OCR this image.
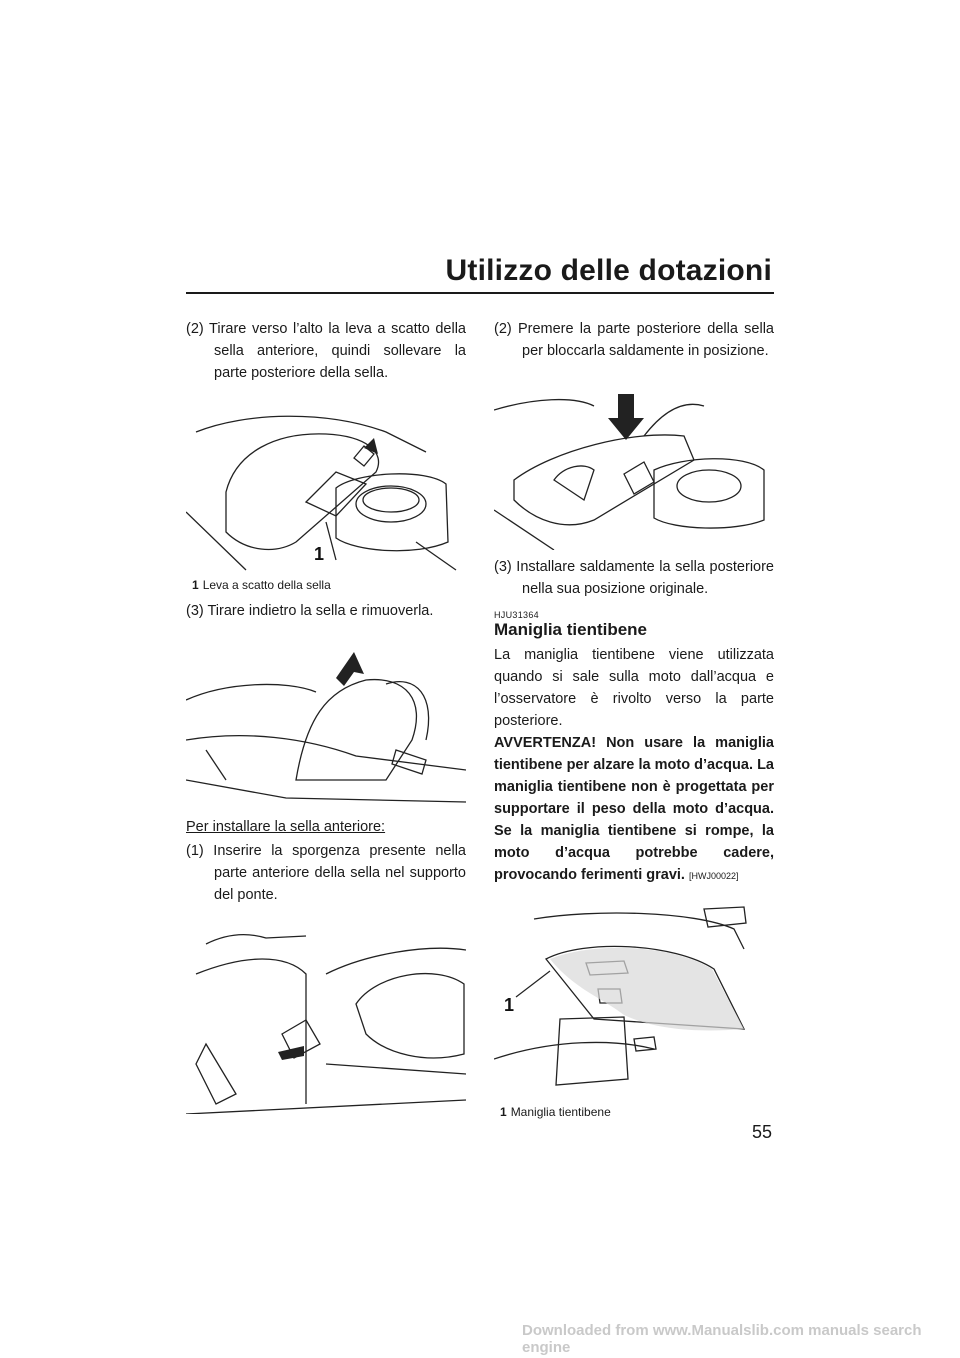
Utilizzo delle dotazioni

(2) Tirare verso l’alto la leva a scatto della sella anteriore, quindi sollevare la parte posteriore della sella.

1
1 Leva a scatto della sella

(3) Tirare indietro la sella e rimuoverla.

Per installare la sella anteriore:

(1) Inserire la sporgenza presente nella parte anteriore della sella nel supporto del ponte.

(2) Premere la parte posteriore della sella per bloccarla saldamente in posizione.

(3) Installare saldamente la sella posteriore nella sua posizione originale.

HJU31364

Maniglia tientibene

La maniglia tientibene viene utilizzata quando si sale sulla moto dall’acqua e l’osservatore è rivolto verso la parte posteriore.

AVVERTENZA! Non usare la maniglia tientibene per alzare la moto d’acqua. La maniglia tientibene non è progettata per supportare il peso della moto d’acqua. Se la maniglia tientibene si rompe, la moto d’acqua potrebbe cadere, provocando ferimenti gravi. [HWJ00022]

1
1 Maniglia tientibene
55
Downloaded from www.Manualslib.com manuals search engine
